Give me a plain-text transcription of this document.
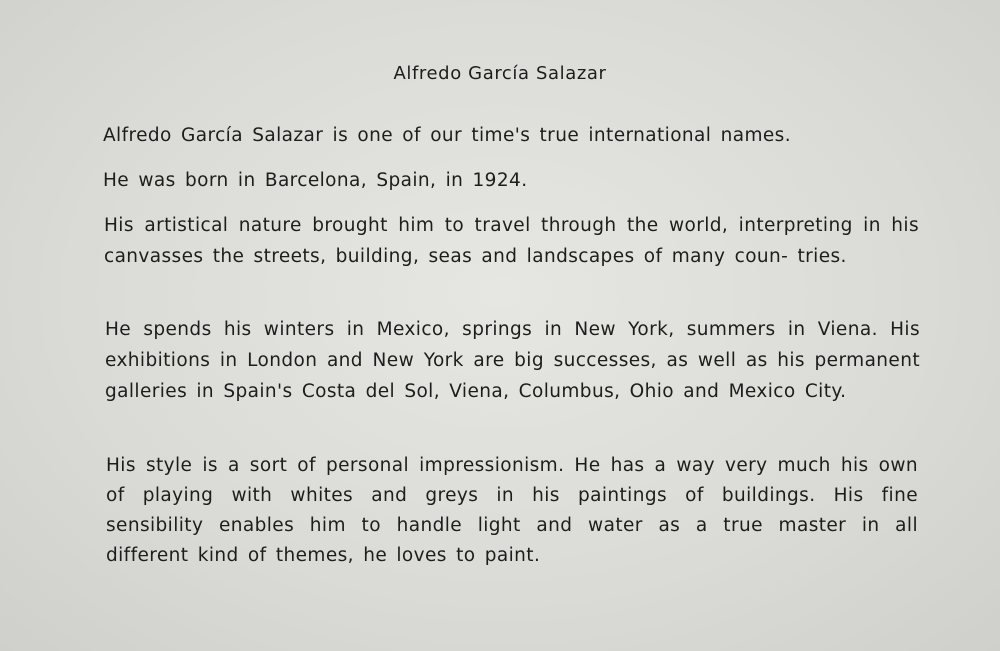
Alfredo García Salazar

Alfredo García Salazar is one of our time's true international names.

He was born in Barcelona, Spain, in 1924.

His artistical nature brought him to travel through the world, interpreting in his canvasses the streets, building, seas and landscapes of many coun- tries.

He spends his winters in Mexico, springs in New York, summers in Viena. His exhibitions in London and New York are big successes, as well as his permanent galleries in Spain's Costa del Sol, Viena, Columbus, Ohio and Mexico City.

His style is a sort of personal impressionism. He has a way very much his own of playing with whites and greys in his paintings of buildings. His fine sensibility enables him to handle light and water as a true master in all different kind of themes, he loves to paint.
